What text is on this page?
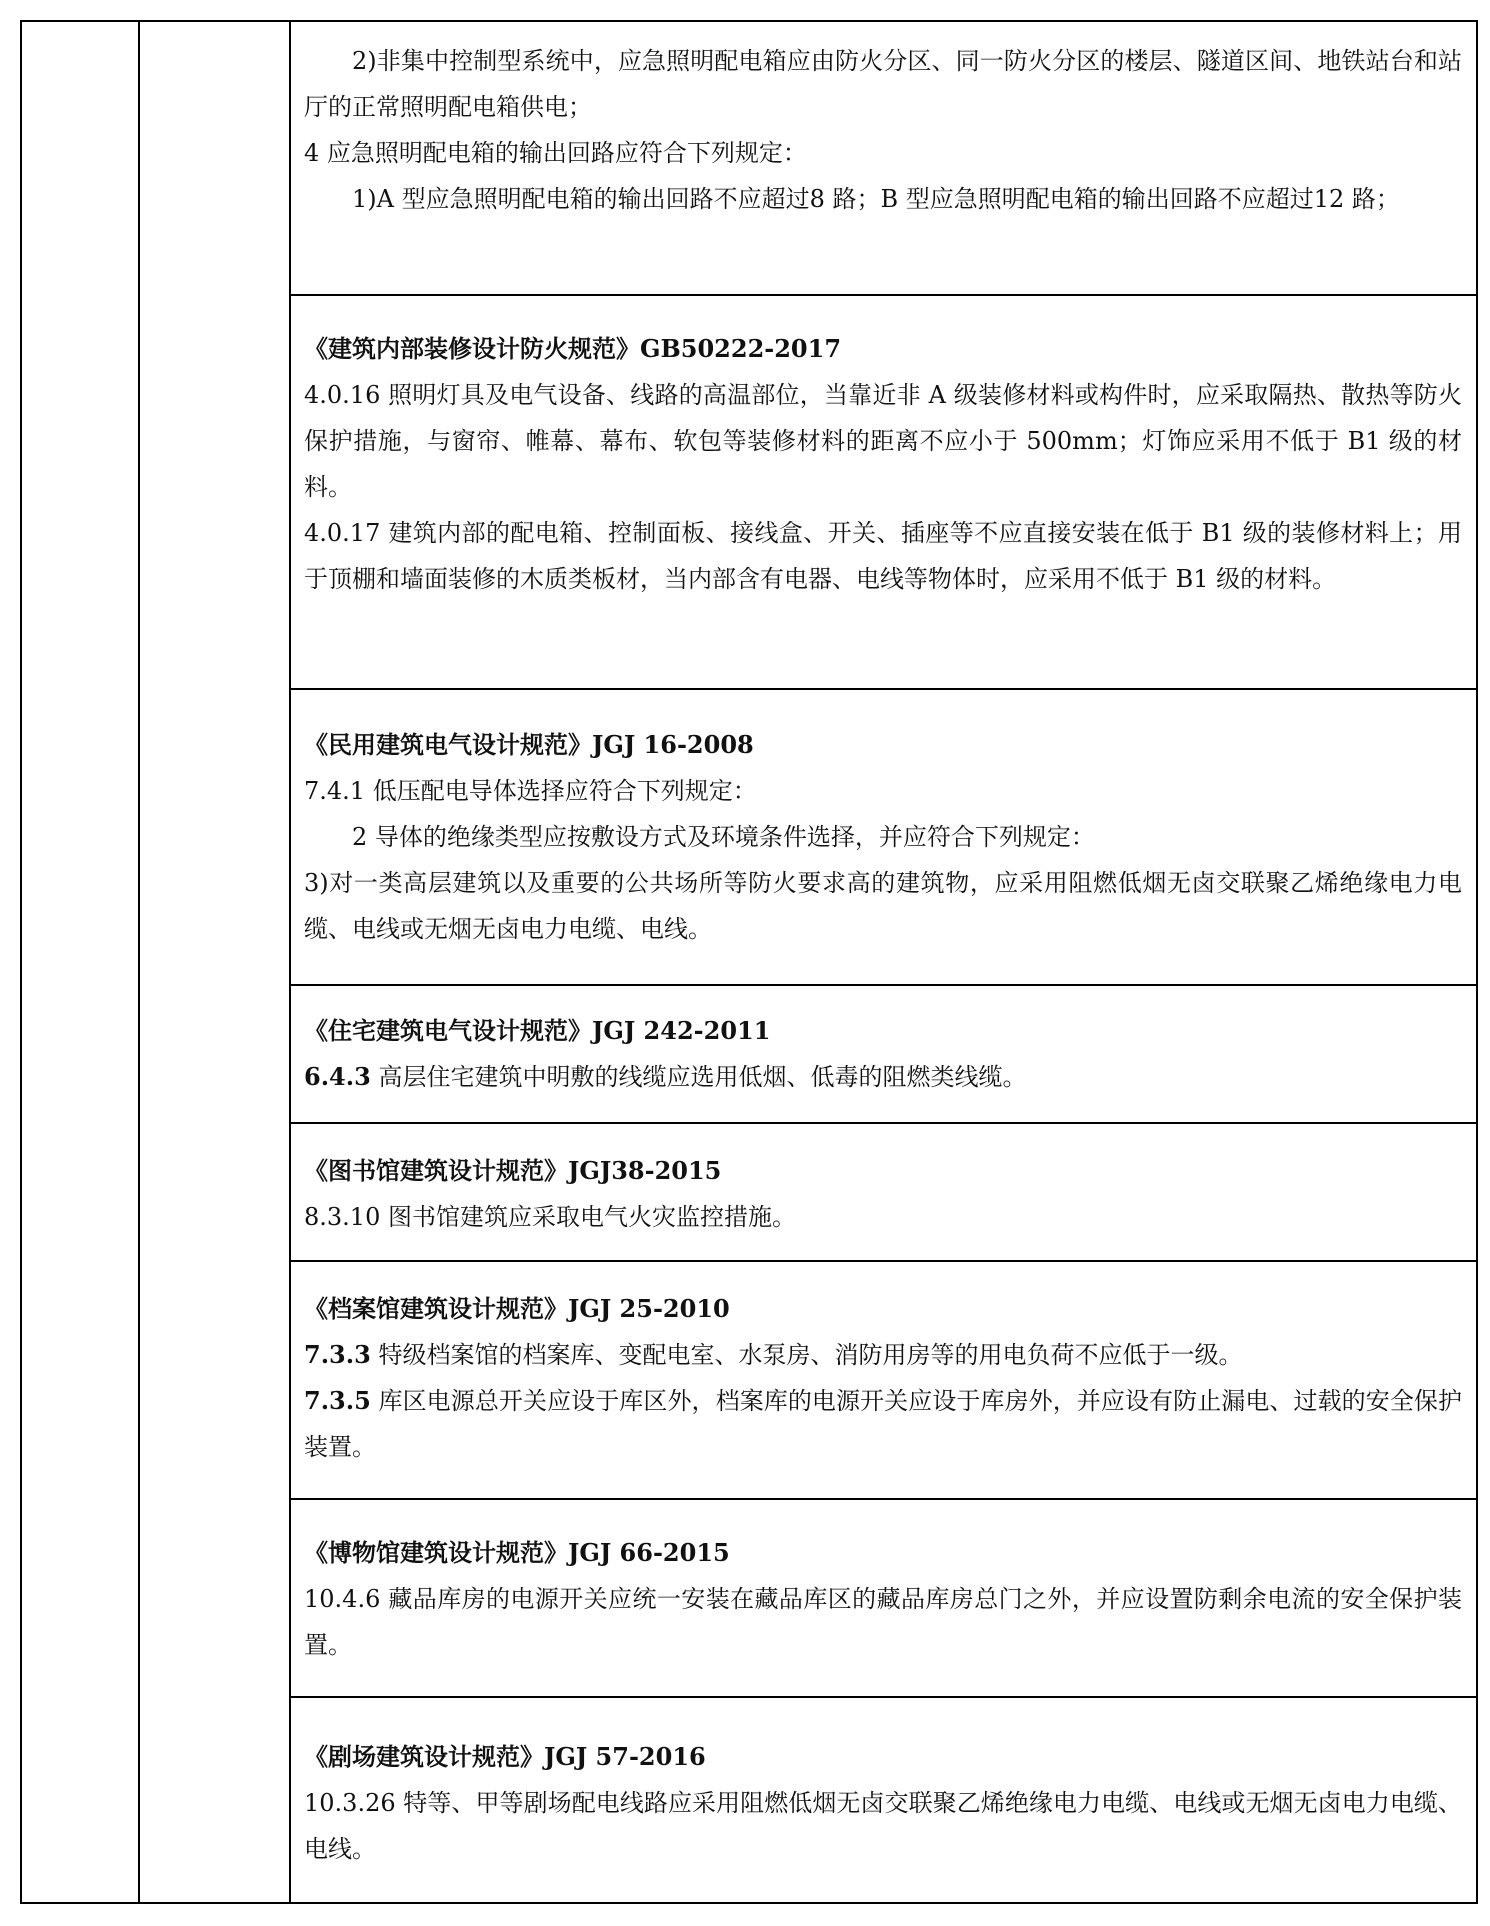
2)非集中控制型系统中，应急照明配电箱应由防火分区、同一防火分区的楼层、隧道区间、地铁站台和站厅的正常照明配电箱供电；

4 应急照明配电箱的输出回路应符合下列规定：

1)A 型应急照明配电箱的输出回路不应超过8 路；B 型应急照明配电箱的输出回路不应超过12 路；

《建筑内部装修设计防火规范》GB50222-2017

4.0.16 照明灯具及电气设备、线路的高温部位，当靠近非 A 级装修材料或构件时，应采取隔热、散热等防火保护措施，与窗帘、帷幕、幕布、软包等装修材料的距离不应小于 500mm；灯饰应采用不低于 B1 级的材料。

4.0.17 建筑内部的配电箱、控制面板、接线盒、开关、插座等不应直接安装在低于 B1 级的装修材料上；用于顶棚和墙面装修的木质类板材，当内部含有电器、电线等物体时，应采用不低于 B1 级的材料。

《民用建筑电气设计规范》JGJ 16-2008

7.4.1 低压配电导体选择应符合下列规定：

2 导体的绝缘类型应按敷设方式及环境条件选择，并应符合下列规定：

3)对一类高层建筑以及重要的公共场所等防火要求高的建筑物，应采用阻燃低烟无卤交联聚乙烯绝缘电力电缆、电线或无烟无卤电力电缆、电线。

《住宅建筑电气设计规范》JGJ 242-2011

6.4.3 高层住宅建筑中明敷的线缆应选用低烟、低毒的阻燃类线缆。

《图书馆建筑设计规范》JGJ38-2015

8.3.10 图书馆建筑应采取电气火灾监控措施。

《档案馆建筑设计规范》JGJ 25-2010

7.3.3 特级档案馆的档案库、变配电室、水泵房、消防用房等的用电负荷不应低于一级。

7.3.5 库区电源总开关应设于库区外，档案库的电源开关应设于库房外，并应设有防止漏电、过载的安全保护装置。

《博物馆建筑设计规范》JGJ 66-2015

10.4.6 藏品库房的电源开关应统一安装在藏品库区的藏品库房总门之外，并应设置防剩余电流的安全保护装置。

《剧场建筑设计规范》JGJ 57-2016

10.3.26 特等、甲等剧场配电线路应采用阻燃低烟无卤交联聚乙烯绝缘电力电缆、电线或无烟无卤电力电缆、电线。
